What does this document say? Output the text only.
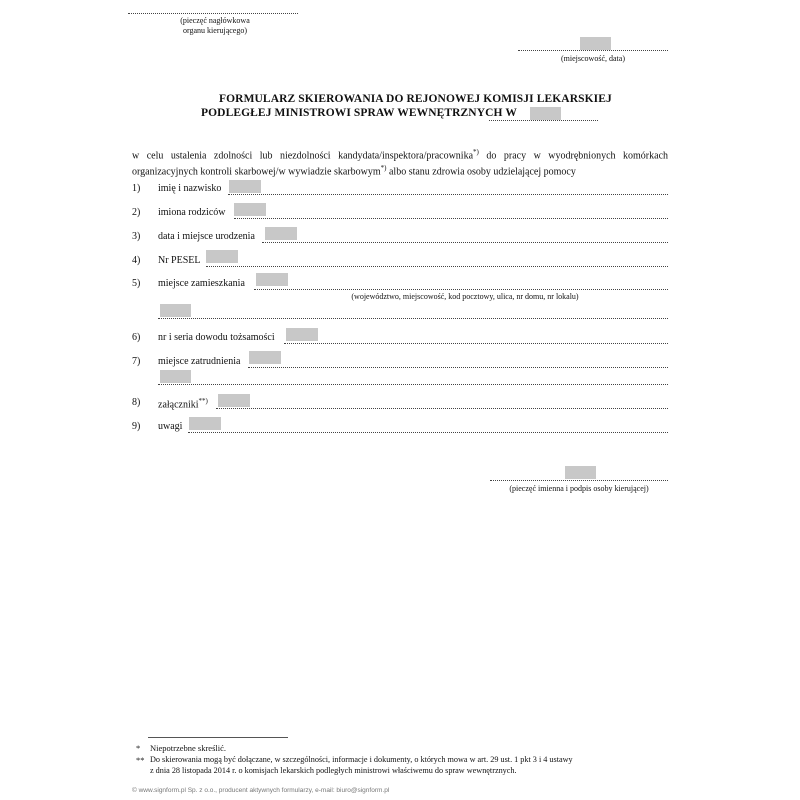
(pieczęć nagłówkowa
organu kierującego)
(miejscowość, data)
FORMULARZ SKIEROWANIA DO REJONOWEJ KOMISJI LEKARSKIEJ
PODLEGŁEJ MINISTROWI SPRAW WEWNĘTRZNYCH W
w celu ustalenia zdolności lub niezdolności kandydata/inspektora/pracownika*) do pracy w wyodrębnionych komórkach
organizacyjnych kontroli skarbowej/w wywiadzie skarbowym*) albo stanu zdrowia osoby udzielającej pomocy
1) imię i nazwisko
2) imiona rodziców
3) data i miejsce urodzenia
4) Nr PESEL
5) miejsce zamieszkania
(województwo, miejscowość, kod pocztowy, ulica, nr domu, nr lokalu)
6) nr i seria dowodu tożsamości
7) miejsce zatrudnienia
8) załączniki**)
9) uwagi
(pieczęć imienna i podpis osoby kierującej)
* Niepotrzebne skreślić.
** Do skierowania mogą być dołączane, w szczególności, informacje i dokumenty, o których mowa w art. 29 ust. 1 pkt 3 i 4 ustawy
z dnia 28 listopada 2014 r. o komisjach lekarskich podległych ministrowi właściwemu do spraw wewnętrznych.
© www.signform.pl Sp. z o.o., producent aktywnych formularzy, e-mail: biuro@signform.pl
